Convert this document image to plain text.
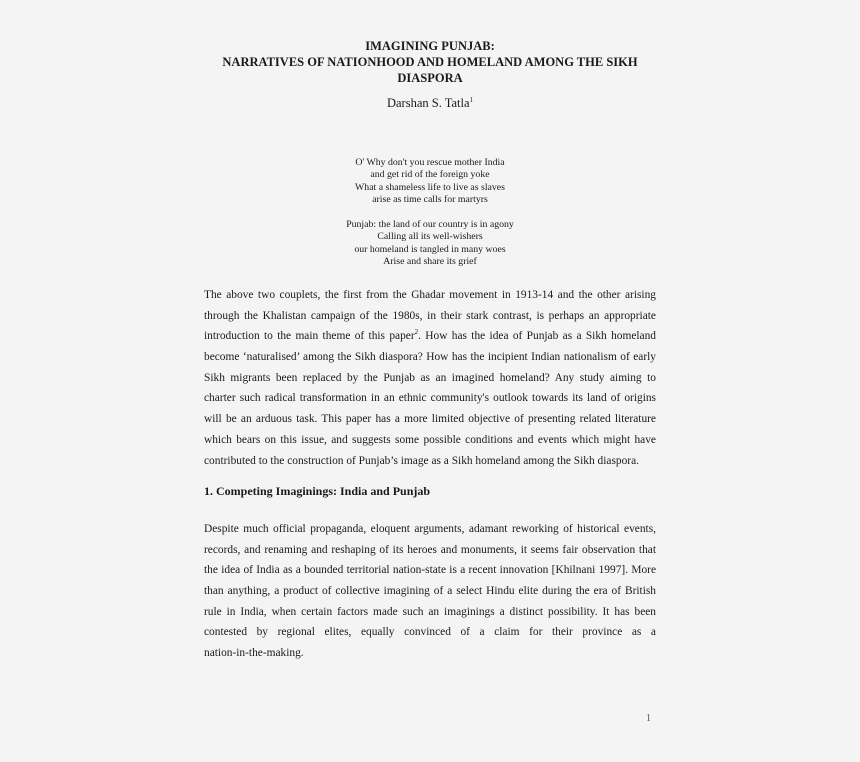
IMAGINING PUNJAB:
NARRATIVES OF NATIONHOOD AND HOMELAND AMONG THE SIKH
DIASPORA
Darshan S. Tatla$^1$
O' Why don't you rescue mother India
and get rid of the foreign yoke
What a shameless life to live as slaves
arise as time calls for martyrs
Punjab: the land of our country is in agony
Calling all its well-wishers
our homeland is tangled in many woes
Arise and share its grief
The above two couplets, the first from the Ghadar movement in 1913-14 and the other arising
through the Khalistan campaign of the 1980s, in their stark contrast, is perhaps an appropriate
introduction to the main theme of this paper$^2$. How has the idea of Punjab as a Sikh homeland
become ‘naturalised’ among the Sikh diaspora? How has the incipient Indian nationalism of early
Sikh migrants been replaced by the Punjab as an imagined homeland? Any study aiming to
charter such radical transformation in an ethnic community's outlook towards its land of origins
will be an arduous task. This paper has a more limited objective of presenting related literature
which bears on this issue, and suggests some possible conditions and events which might have
contributed to the construction of Punjab’s image as a Sikh homeland among the Sikh diaspora.
1. Competing Imaginings: India and Punjab
Despite much official propaganda, eloquent arguments, adamant reworking of historical events,
records, and renaming and reshaping of its heroes and monuments, it seems fair observation that
the idea of India as a bounded territorial nation-state is a recent innovation [Khilnani 1997]. More
than anything, a product of collective imagining of a select Hindu elite during the era of British
rule in India, when certain factors made such an imaginings a distinct possibility. It has been
contested by regional elites, equally convinced of a claim for their province as a
nation-in-the-making.
1
